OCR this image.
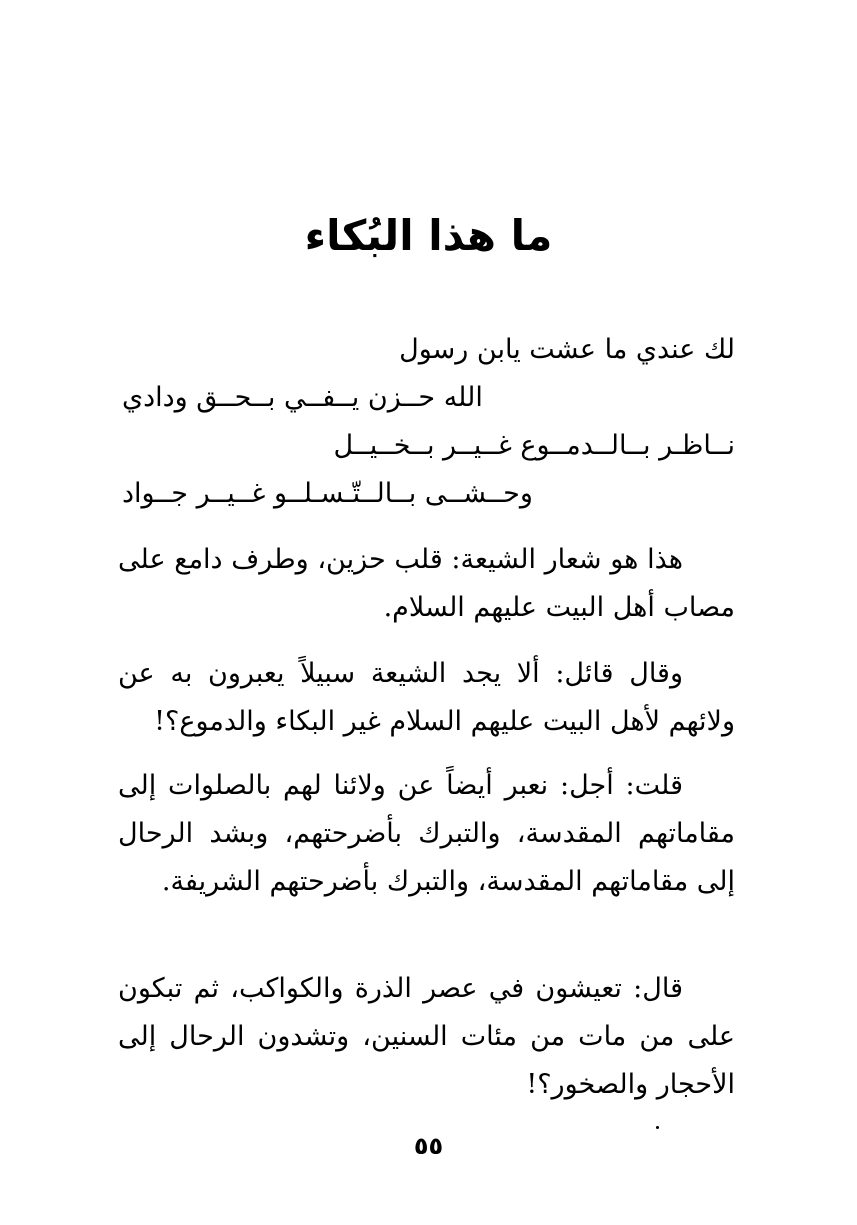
ما هذا البُكاء
لك عندي ما عشت يابن رسول
الله حــزن يــفــي بــحــق ودادي
نــاظـر بــالــدمــوع غــيــر بــخــيــل
وحــشــى بــالــتّـسـلــو غــيــر جــواد

هذا هو شعار الشيعة: قلب حزين، وطرف دامع على مصاب أهل البيت عليهم السلام.

وقال قائل: ألا يجد الشيعة سبيلاً يعبرون به عن ولائهم لأهل البيت عليهم السلام غير البكاء والدموع؟!

قلت: أجل: نعبر أيضاً عن ولائنا لهم بالصلوات إلى مقاماتهم المقدسة، والتبرك بأضرحتهم، وبشد الرحال إلى مقاماتهم المقدسة، والتبرك بأضرحتهم الشريفة.

قال: تعيشون في عصر الذرة والكواكب، ثم تبكون على من مات من مئات السنين، وتشدون الرحال إلى الأحجار والصخور؟!

٥٥
